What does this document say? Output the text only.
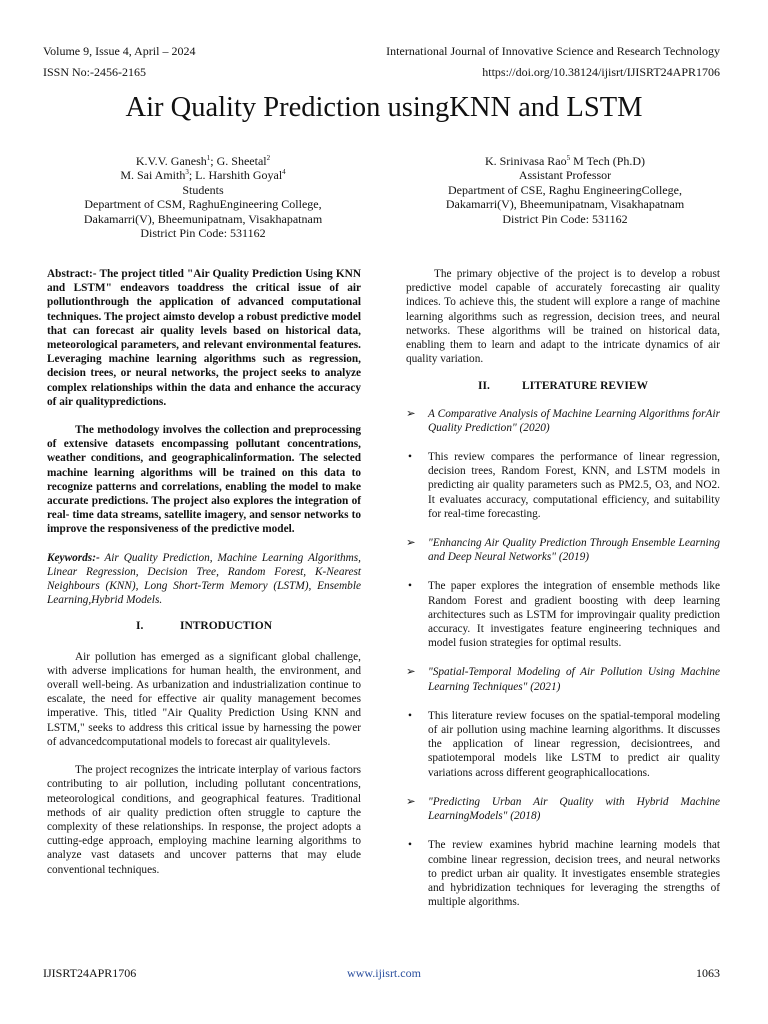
Volume 9, Issue 4, April – 2024	International Journal of Innovative Science and Research Technology
ISSN No:-2456-2165	https://doi.org/10.38124/ijisrt/IJISRT24APR1706
Air Quality Prediction usingKNN and LSTM
K.V.V. Ganesh$^1$; G. Sheetal$^2$
M. Sai Amith$^3$; L. Harshith Goyal$^4$
Students
Department of CSM, RaghuEngineering College,
Dakamarri(V), Bheemunipatnam, Visakhapatnam
District Pin Code: 531162
K. Srinivasa Rao$^5$ M Tech (Ph.D)
Assistant Professor
Department of CSE, Raghu EngineeringCollege,
Dakamarri(V), Bheemunipatnam, Visakhapatnam
District Pin Code: 531162

Abstract:- The project titled "Air Quality Prediction Using KNN and LSTM" endeavors toaddress the critical issue of air pollutionthrough the application of advanced computational techniques. The project aimsto develop a robust predictive model that can forecast air quality levels based on historical data, meteorological parameters, and relevant environmental features. Leveraging machine learning algorithms such as regression, decision trees, or neural networks, the project seeks to analyze complex relationships within the data and enhance the accuracy of air qualitypredictions.

The methodology involves the collection and preprocessing of extensive datasets encompassing pollutant concentrations, weather conditions, and geographicalinformation. The selected machine learning algorithms will be trained on this data to recognize patterns and correlations, enabling the model to make accurate predictions. The project also explores the integration of real- time data streams, satellite imagery, and sensor networks to improve the responsiveness of the predictive model.

Keywords:- Air Quality Prediction, Machine Learning Algorithms, Linear Regression, Decision Tree, Random Forest, K-Nearest Neighbours (KNN), Long Short-Term Memory (LSTM), Ensemble Learning,Hybrid Models.

I.	INTRODUCTION

Air pollution has emerged as a significant global challenge, with adverse implications for human health, the environment, and overall well-being. As urbanization and industrialization continue to escalate, the need for effective air quality management becomes imperative. This, titled "Air Quality Prediction Using KNN and LSTM," seeks to address this critical issue by harnessing the power of advancedcomputational models to forecast air qualitylevels.

The project recognizes the intricate interplay of various factors contributing to air pollution, including pollutant concentrations, meteorological conditions, and geographical features. Traditional methods of air quality prediction often struggle to capture the complexity of these relationships. In response, the project adopts a cutting-edge approach, employing machine learning algorithms to analyze vast datasets and uncover patterns that may elude conventional techniques.

The primary objective of the project is to develop a robust predictive model capable of accurately forecasting air quality indices. To achieve this, the student will explore a range of machine learning algorithms such as regression, decision trees, and neural networks. These algorithms will be trained on historical data, enabling them to learn and adapt to the intricate dynamics of air quality variation.

II.	LITERATURE REVIEW
➢ A Comparative Analysis of Machine Learning Algorithms forAir Quality Prediction" (2020)
• This review compares the performance of linear regression, decision trees, Random Forest, KNN, and LSTM models in predicting air quality parameters such as PM2.5, O3, and NO2. It evaluates accuracy, computational efficiency, and suitability for real-time forecasting.
➢ "Enhancing Air Quality Prediction Through Ensemble Learning and Deep Neural Networks" (2019)
• The paper explores the integration of ensemble methods like Random Forest and gradient boosting with deep learning architectures such as LSTM for improvingair quality prediction accuracy. It investigates feature engineering techniques and model fusion strategies for optimal results.
➢ "Spatial-Temporal Modeling of Air Pollution Using Machine Learning Techniques" (2021)
• This literature review focuses on the spatial-temporal modeling of air pollution using machine learning algorithms. It discusses the application of linear regression, decisiontrees, and spatiotemporal models like LSTM to predict air quality variations across different geographicallocations.
➢ "Predicting Urban Air Quality with Hybrid Machine LearningModels" (2018)
• The review examines hybrid machine learning models that combine linear regression, decision trees, and neural networks to predict urban air quality. It investigates ensemble strategies and hybridization techniques for leveraging the strengths of multiple algorithms.
IJISRT24APR1706	www.ijisrt.com	1063
